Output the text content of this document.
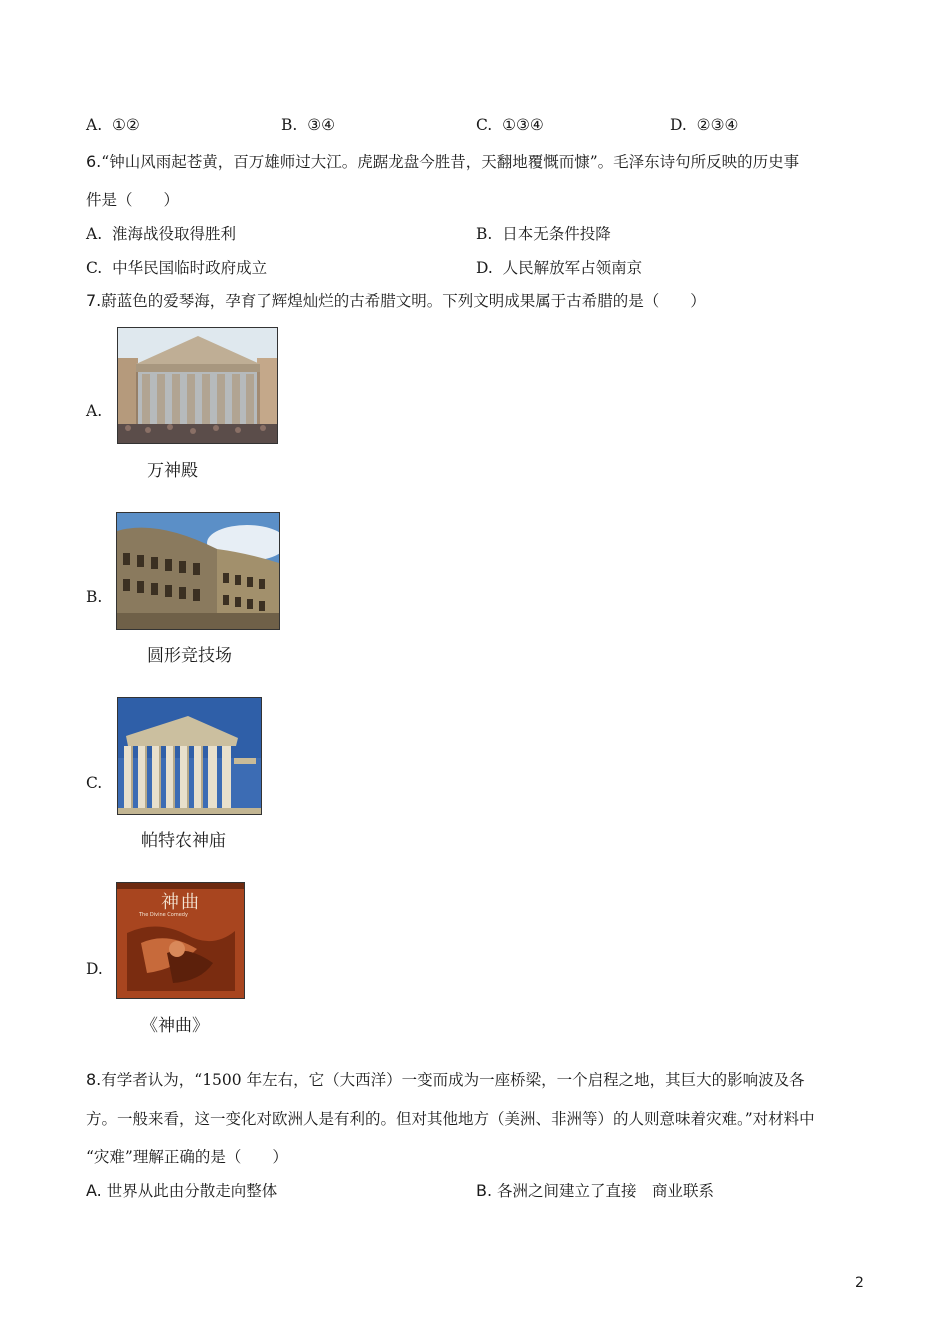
A. ①②	B. ③④	C. ①③④	D. ②③④
6.“钟山风雨起苍黄，百万雄师过大江。虎踞龙盘今胜昔，天翻地覆慨而慷”。毛泽东诗句所反映的历史事
件是（　　）
A. 淮海战役取得胜利	B. 日本无条件投降
C. 中华民国临时政府成立	D. 人民解放军占领南京
7.蔚蓝色的爱琴海，孕育了辉煌灿烂的古希腊文明。下列文明成果属于古希腊的是（　　）
A.
万神殿
B.
圆形竞技场
C.
帕特农神庙
D.
神曲
The Divine Comedy
《神曲》
8.有学者认为，“1500 年左右，它（大西洋）一变而成为一座桥梁，一个启程之地，其巨大的影响波及各
方。一般来看，这一变化对欧洲人是有利的。但对其他地方（美洲、非洲等）的人则意味着灾难。”对材料中
“灾难”理解正确的是（　　）
A. 世界从此由分散走向整体	B. 各洲之间建立了直接　商业联系
2
